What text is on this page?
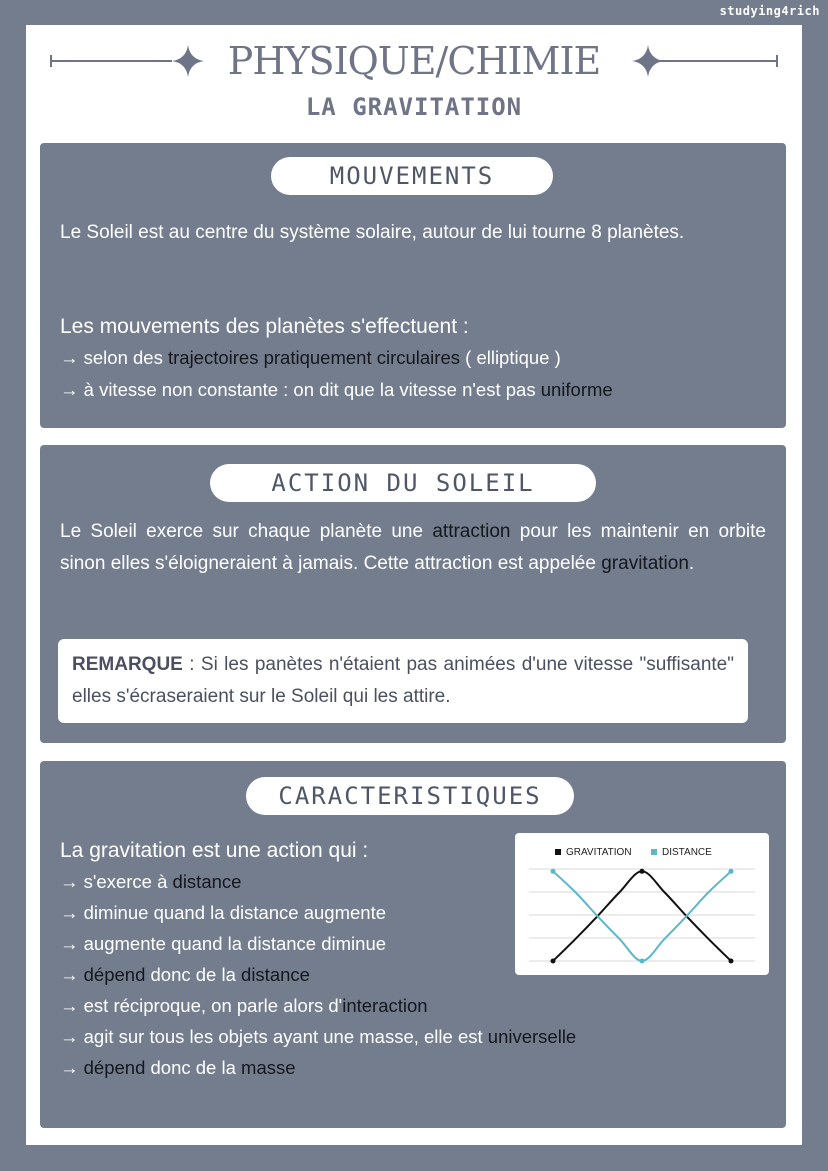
studying4rich
PHYSIQUE/CHIMIE
LA GRAVITATION
MOUVEMENTS
Le Soleil est au centre du système solaire, autour de lui tourne 8 planètes.
Les mouvements des planètes s'effectuent :
→ selon des trajectoires pratiquement circulaires ( elliptique )
→ à vitesse non constante : on dit que la vitesse n'est pas uniforme
ACTION DU SOLEIL
Le Soleil exerce sur chaque planète une attraction pour les maintenir en orbite sinon elles s'éloigneraient à jamais. Cette attraction est appelée gravitation.
REMARQUE : Si les panètes n'étaient pas animées d'une vitesse "suffisante" elles s'écraseraient sur le Soleil qui les attire.
CARACTERISTIQUES
La gravitation est une action qui :
→ s'exerce à distance
→ diminue quand la distance augmente
→ augmente quand la distance diminue
→ dépend donc de la distance
→ est réciproque, on parle alors d'interaction
→ agit sur tous les objets ayant une masse, elle est universelle
→ dépend donc de la masse
GRAVITATION	DISTANCE
